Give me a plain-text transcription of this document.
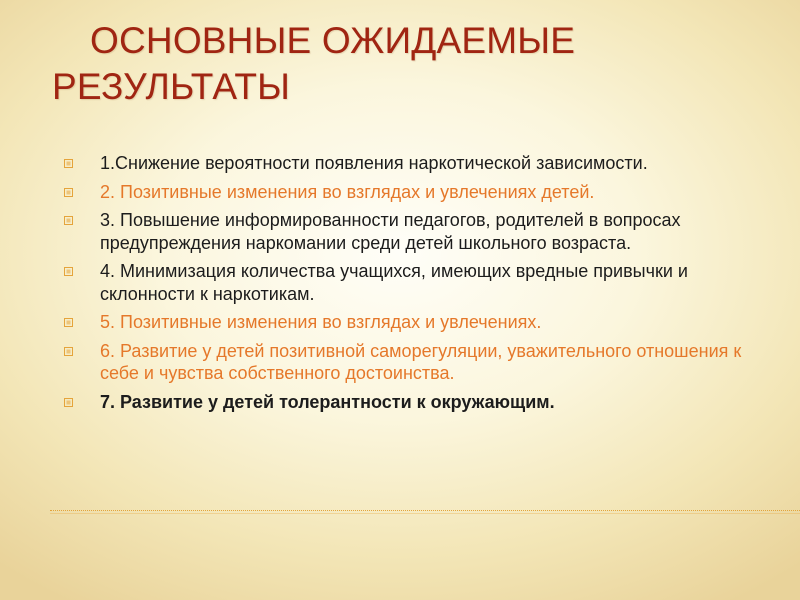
ОСНОВНЫЕ ОЖИДАЕМЫЕ
РЕЗУЛЬТАТЫ
1.Снижение вероятности появления наркотической зависимости.
2. Позитивные изменения во взглядах и увлечениях детей.
3. Повышение информированности педагогов, родителей в вопросах предупреждения наркомании среди детей школьного возраста.
4. Минимизация количества учащихся, имеющих вредные привычки и склонности к наркотикам.
5. Позитивные изменения во взглядах и увлечениях.
6. Развитие у детей позитивной саморегуляции, уважительного отношения к себе и чувства собственного достоинства.
7. Развитие у детей толерантности к окружающим.
